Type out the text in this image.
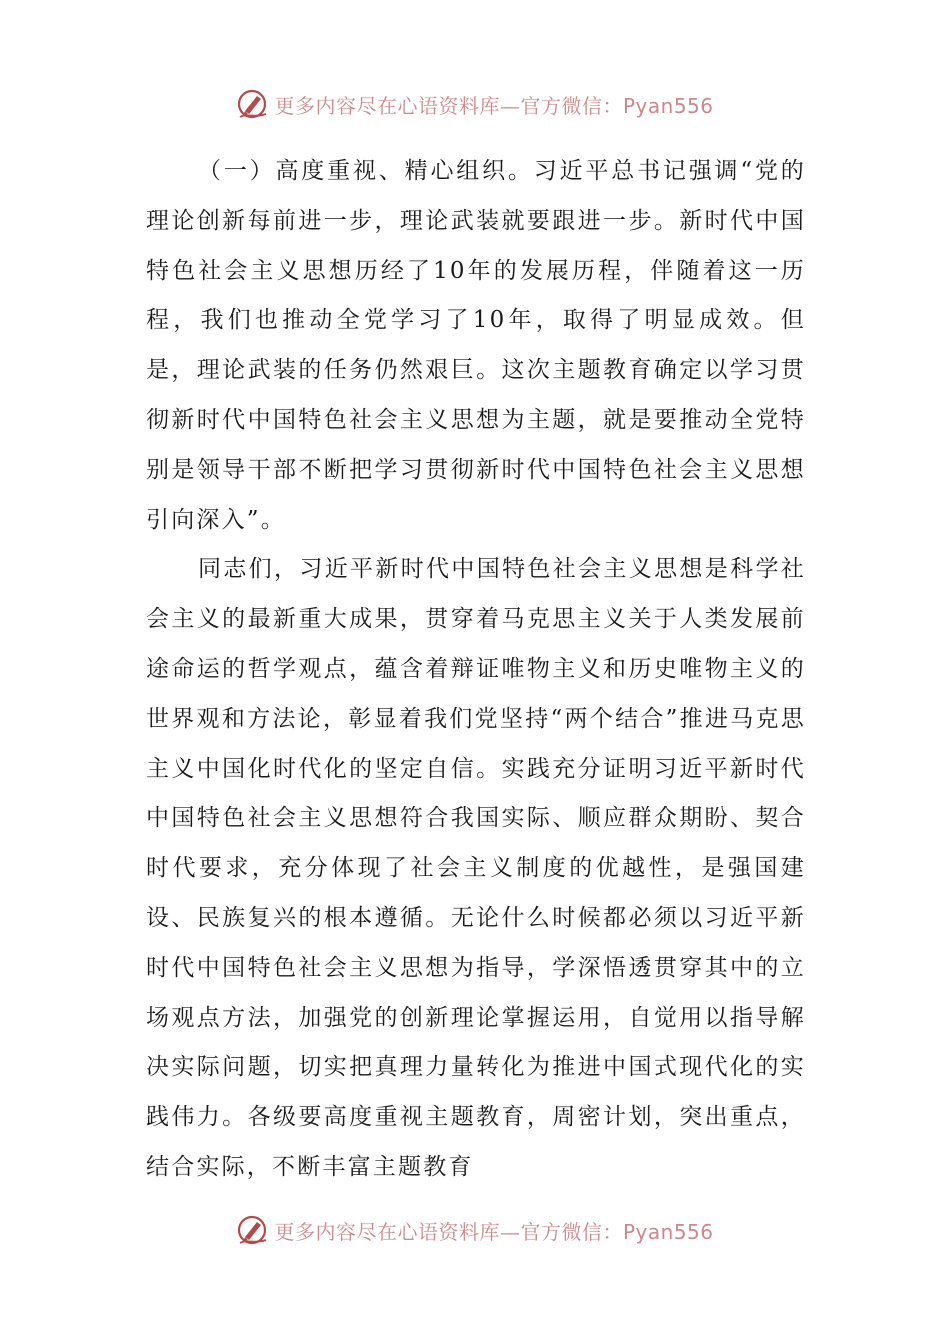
更多内容尽在心语资料库—官方微信：Pyan556

（一）高度重视、精心组织。习近平总书记强调“党的理论创新每前进一步，理论武装就要跟进一步。新时代中国特色社会主义思想历经了10年的发展历程，伴随着这一历程，我们也推动全党学习了10年，取得了明显成效。但是，理论武装的任务仍然艰巨。这次主题教育确定以学习贯彻新时代中国特色社会主义思想为主题，就是要推动全党特别是领导干部不断把学习贯彻新时代中国特色社会主义思想引向深入”。

同志们，习近平新时代中国特色社会主义思想是科学社会主义的最新重大成果，贯穿着马克思主义关于人类发展前途命运的哲学观点，蕴含着辩证唯物主义和历史唯物主义的世界观和方法论，彰显着我们党坚持“两个结合”推进马克思主义中国化时代化的坚定自信。实践充分证明习近平新时代中国特色社会主义思想符合我国实际、顺应群众期盼、契合时代要求，充分体现了社会主义制度的优越性，是强国建设、民族复兴的根本遵循。无论什么时候都必须以习近平新时代中国特色社会主义思想为指导，学深悟透贯穿其中的立场观点方法，加强党的创新理论掌握运用，自觉用以指导解决实际问题，切实把真理力量转化为推进中国式现代化的实践伟力。各级要高度重视主题教育，周密计划，突出重点，结合实际，不断丰富主题教育

更多内容尽在心语资料库—官方微信：Pyan556
